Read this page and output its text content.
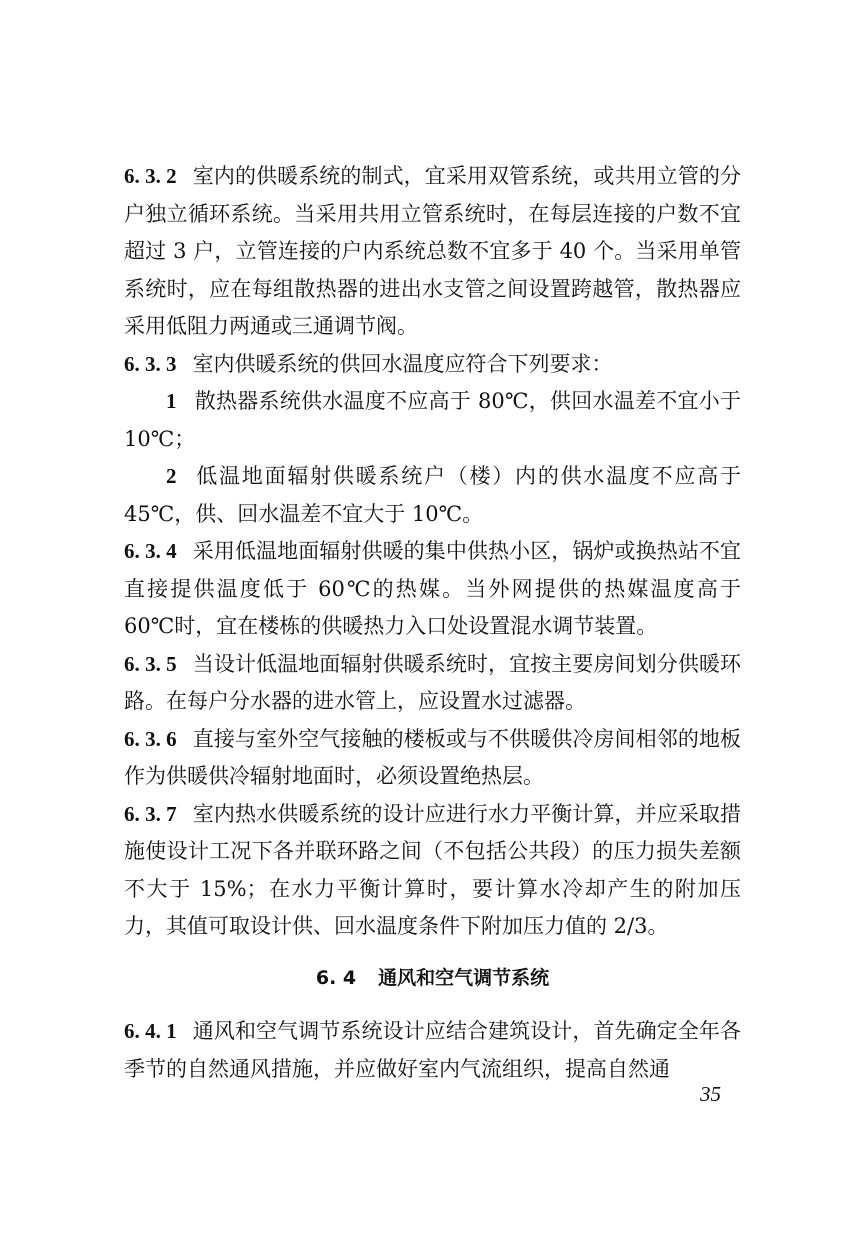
6. 3. 2 室内的供暖系统的制式，宜采用双管系统，或共用立管的分户独立循环系统。当采用共用立管系统时，在每层连接的户数不宜超过 3 户，立管连接的户内系统总数不宜多于 40 个。当采用单管系统时，应在每组散热器的进出水支管之间设置跨越管，散热器应采用低阻力两通或三通调节阀。

6. 3. 3 室内供暖系统的供回水温度应符合下列要求：

1 散热器系统供水温度不应高于 80℃，供回水温差不宜小于 10℃；

2 低温地面辐射供暖系统户（楼）内的供水温度不应高于 45℃，供、回水温差不宜大于 10℃。

6. 3. 4 采用低温地面辐射供暖的集中供热小区，锅炉或换热站不宜直接提供温度低于 60℃的热媒。当外网提供的热媒温度高于 60℃时，宜在楼栋的供暖热力入口处设置混水调节装置。

6. 3. 5 当设计低温地面辐射供暖系统时，宜按主要房间划分供暖环路。在每户分水器的进水管上，应设置水过滤器。

6. 3. 6 直接与室外空气接触的楼板或与不供暖供冷房间相邻的地板作为供暖供冷辐射地面时，必须设置绝热层。

6. 3. 7 室内热水供暖系统的设计应进行水力平衡计算，并应采取措施使设计工况下各并联环路之间（不包括公共段）的压力损失差额不大于 15%；在水力平衡计算时，要计算水冷却产生的附加压力，其值可取设计供、回水温度条件下附加压力值的 2/3。

6. 4 通风和空气调节系统

6. 4. 1 通风和空气调节系统设计应结合建筑设计，首先确定全年各季节的自然通风措施，并应做好室内气流组织，提高自然通

35
